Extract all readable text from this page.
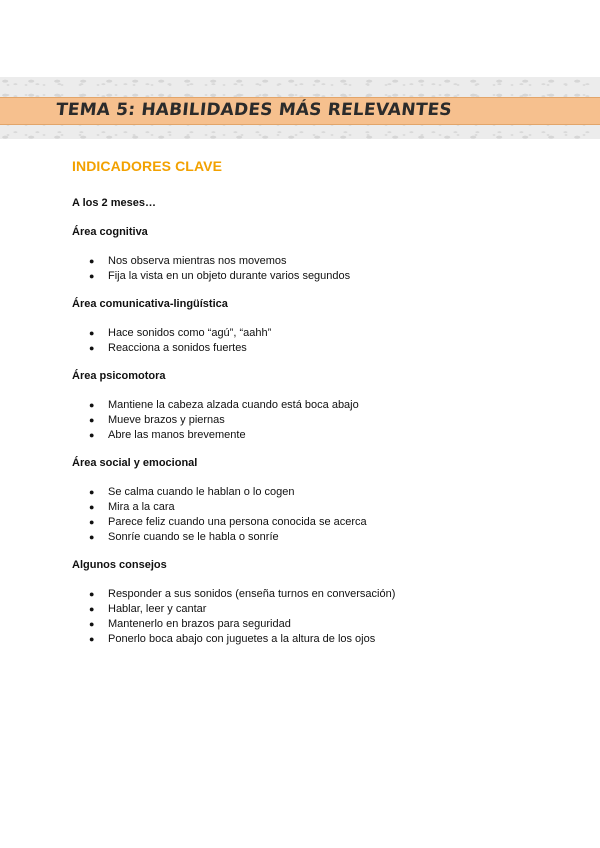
TEMA 5: HABILIDADES MÁS RELEVANTES
INDICADORES CLAVE
A los 2 meses…
Área cognitiva
● Nos observa mientras nos movemos
● Fija la vista en un objeto durante varios segundos
Área comunicativa-lingüística
● Hace sonidos como “agú”, “aahh”
● Reacciona a sonidos fuertes
Área psicomotora
● Mantiene la cabeza alzada cuando está boca abajo
● Mueve brazos y piernas
● Abre las manos brevemente
Área social y emocional
● Se calma cuando le hablan o lo cogen
● Mira a la cara
● Parece feliz cuando una persona conocida se acerca
● Sonríe cuando se le habla o sonríe
Algunos consejos
● Responder a sus sonidos (enseña turnos en conversación)
● Hablar, leer y cantar
● Mantenerlo en brazos para seguridad
● Ponerlo boca abajo con juguetes a la altura de los ojos
